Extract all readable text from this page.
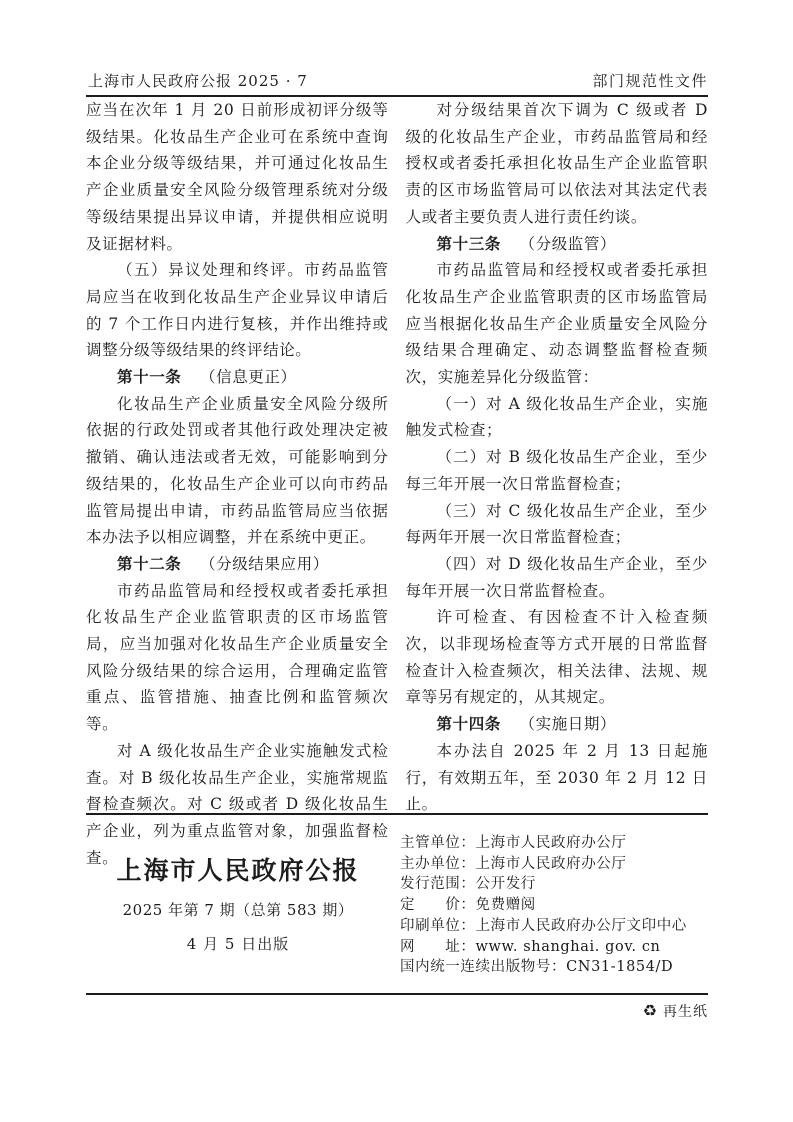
上海市人民政府公报 2025 · 7	部门规范性文件

应当在次年 1 月 20 日前形成初评分级等级结果。化妆品生产企业可在系统中查询本企业分级等级结果，并可通过化妆品生产企业质量安全风险分级管理系统对分级等级结果提出异议申请，并提供相应说明及证据材料。

（五）异议处理和终评。市药品监管局应当在收到化妆品生产企业异议申请后的 7 个工作日内进行复核，并作出维持或调整分级等级结果的终评结论。

第十一条 （信息更正）

化妆品生产企业质量安全风险分级所依据的行政处罚或者其他行政处理决定被撤销、确认违法或者无效，可能影响到分级结果的，化妆品生产企业可以向市药品监管局提出申请，市药品监管局应当依据本办法予以相应调整，并在系统中更正。

第十二条 （分级结果应用）

市药品监管局和经授权或者委托承担化妆品生产企业监管职责的区市场监管局，应当加强对化妆品生产企业质量安全风险分级结果的综合运用，合理确定监管重点、监管措施、抽查比例和监管频次等。

对 A 级化妆品生产企业实施触发式检查。对 B 级化妆品生产企业，实施常规监督检查频次。对 C 级或者 D 级化妆品生产企业，列为重点监管对象，加强监督检查。

对分级结果首次下调为 C 级或者 D 级的化妆品生产企业，市药品监管局和经授权或者委托承担化妆品生产企业监管职责的区市场监管局可以依法对其法定代表人或者主要负责人进行责任约谈。

第十三条 （分级监管）

市药品监管局和经授权或者委托承担化妆品生产企业监管职责的区市场监管局应当根据化妆品生产企业质量安全风险分级结果合理确定、动态调整监督检查频次，实施差异化分级监管：

（一）对 A 级化妆品生产企业，实施触发式检查；

（二）对 B 级化妆品生产企业，至少每三年开展一次日常监督检查；

（三）对 C 级化妆品生产企业，至少每两年开展一次日常监督检查；

（四）对 D 级化妆品生产企业，至少每年开展一次日常监督检查。

许可检查、有因检查不计入检查频次，以非现场检查等方式开展的日常监督检查计入检查频次，相关法律、法规、规章等另有规定的，从其规定。

第十四条 （实施日期）

本办法自 2025 年 2 月 13 日起施行，有效期五年，至 2030 年 2 月 12 日止。

上海市人民政府公报
2025 年第 7 期（总第 583 期）
4 月 5 日出版
主管单位：上海市人民政府办公厅
主办单位：上海市人民政府办公厅
发行范围：公开发行
定　　价：免费赠阅
印刷单位：上海市人民政府办公厅文印中心
网　　址：www. shanghai. gov. cn
国内统一连续出版物号：CN31-1854/D
♻ 再生纸
